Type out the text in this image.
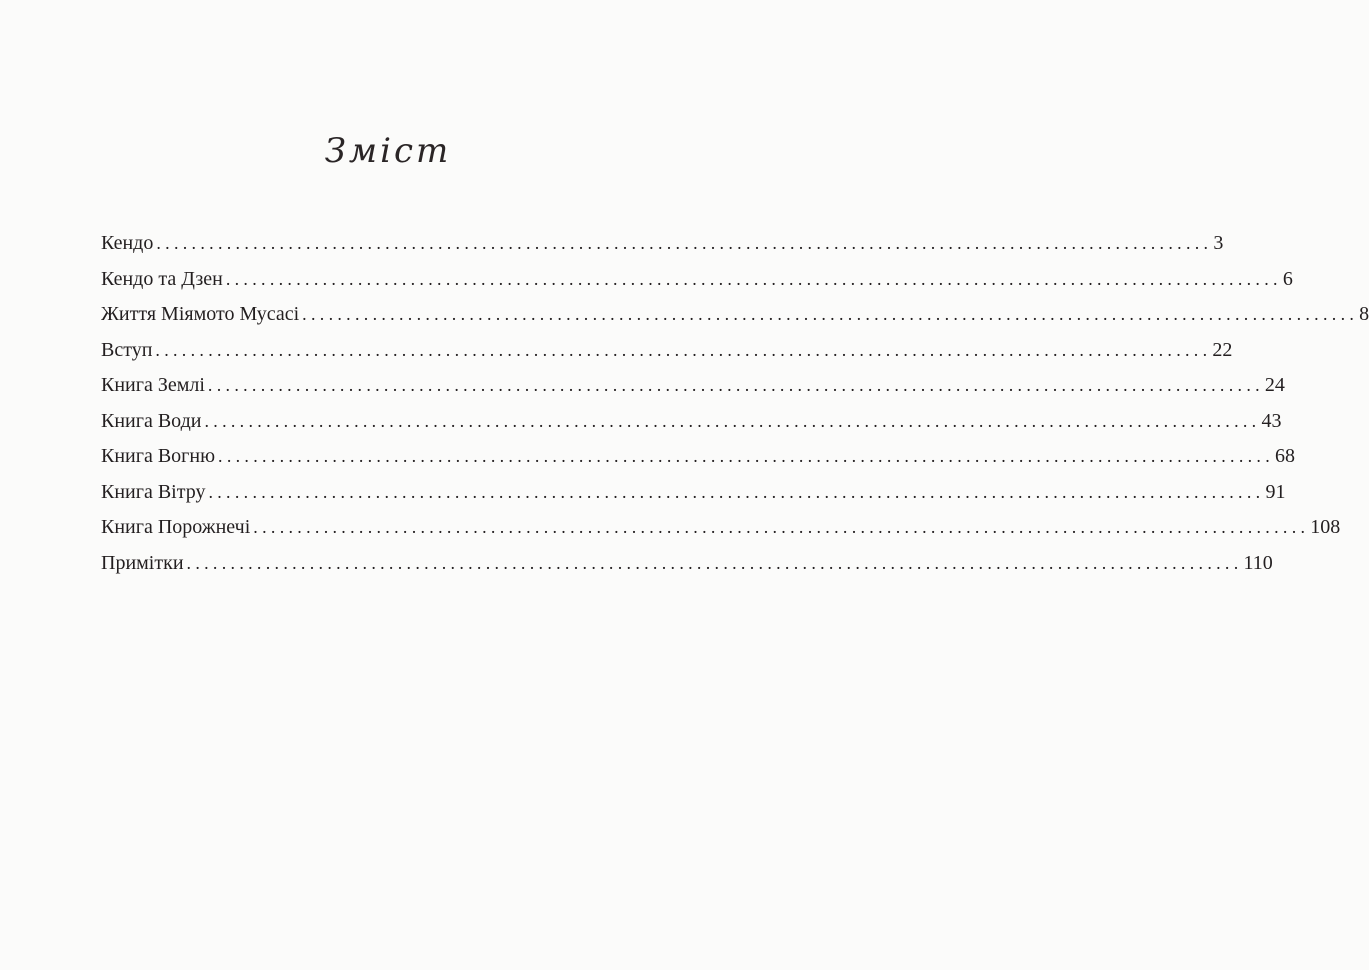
Зміст
Кендо ........................................................................................................................ 3
Кендо та Дзен ........................................................................................................................ 6
Життя Міямото Мусасі ........................................................................................................................ 8
Вступ ........................................................................................................................ 22
Книга Землі ........................................................................................................................ 24
Книга Води ........................................................................................................................ 43
Книга Вогню ........................................................................................................................ 68
Книга Вітру ........................................................................................................................ 91
Книга Порожнечі ........................................................................................................................ 108
Примітки ........................................................................................................................ 110
